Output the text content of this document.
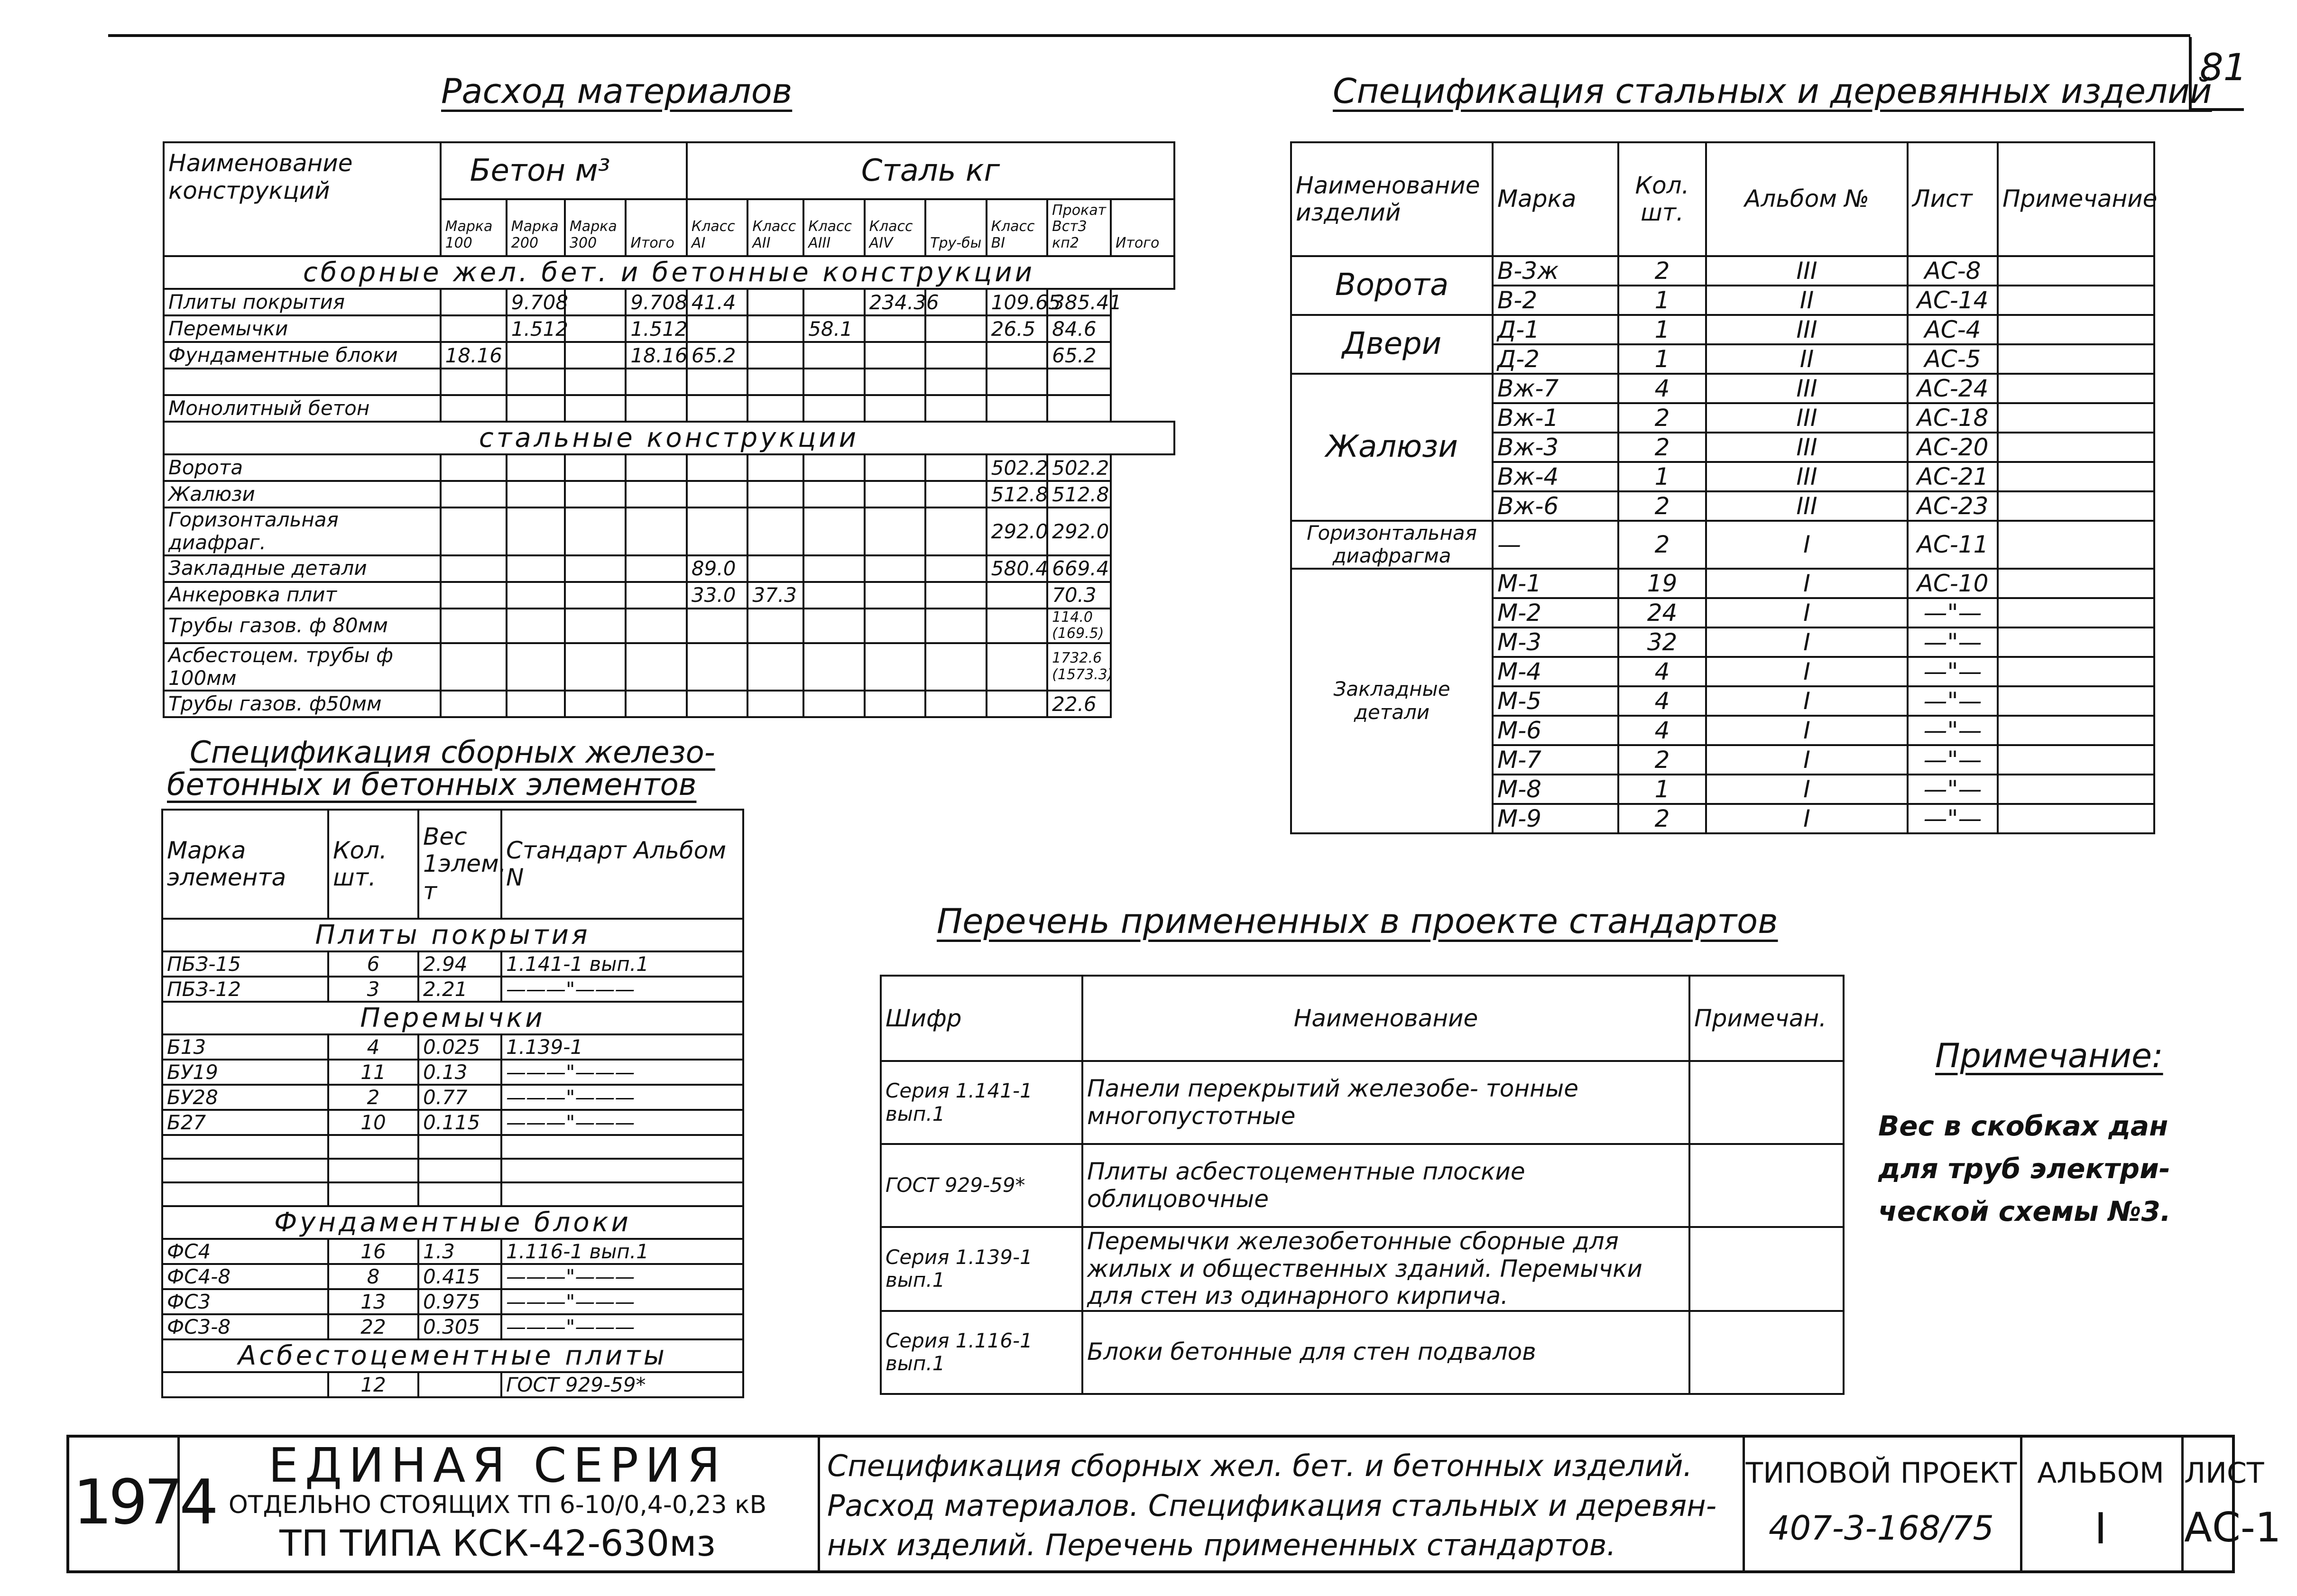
81
Расход материалов
Наименование конструкций	Бетон м³				Сталь кг							
	Марка 100	Марка 200	Марка 300	Итого	Класс AI	Класс AII	Класс AIII	Класс AIV	Тру-бы	Класс BI	Прокат Вст3 кп2	Итого
сборные жел. бет. и бетонные конструкции												
Плиты покрытия		9.708		9.708	41.4			234.36		109.65	385.41	
Перемычки		1.512		1.512			58.1			26.5	84.6	
Фундаментные блоки	18.16			18.16	65.2						65.2	

Монолитный бетон												
стальные конструкции												
Ворота										502.2	502.2	
Жалюзи										512.8	512.8	
Горизонтальная диафраг.										292.0	292.0	
Закладные детали					89.0					580.4	669.4	
Анкеровка плит					33.0	37.3					70.3	
Трубы газов. ф 80мм											114.0 (169.5)	
Асбестоцем. трубы ф 100мм											1732.6 (1573.3)	
Трубы газов. ф50мм											22.6	
Спецификация стальных и деревянных изделий
Наименование изделий	Марка	Кол. шт.	Альбом №	Лист	Примечание
Ворота	В-3ж	2	III	АС-8	
	В-2	1	II	АС-14	
Двери	Д-1	1	III	АС-4	
	Д-2	1	II	АС-5	
Жалюзи	Вж-7	4	III	АС-24	
	Вж-1	2	III	АС-18	
	Вж-3	2	III	АС-20	
	Вж-4	1	III	АС-21	
	Вж-6	2	III	АС-23	
Горизонтальная диафрагма	—	2	I	АС-11	
Закладные детали	М-1	19	I	АС-10	
	М-2	24	I	—"—	
	М-3	32	I	—"—	
	М-4	4	I	—"—	
	М-5	4	I	—"—	
	М-6	4	I	—"—	
	М-7	2	I	—"—	
	М-8	1	I	—"—	
	М-9	2	I	—"—	
Спецификация сборных железо-
бетонных и бетонных элементов
Марка элемента	Кол. шт.	Вес 1элем. т	Стандарт Альбом N
Плиты покрытия			
ПБЗ-15	6	2.94	1.141-1 вып.1
ПБЗ-12	3	2.21	———"———
Перемычки			
Б13	4	0.025	1.139-1
БУ19	11	0.13	———"———
БУ28	2	0.77	———"———
Б27	10	0.115	———"———

Фундаментные блоки			
ФС4	16	1.3	1.116-1 вып.1
ФС4-8	8	0.415	———"———
ФС3	13	0.975	———"———
ФС3-8	22	0.305	———"———
Асбестоцементные плиты			
	12		ГОСТ 929-59*
Перечень примененных в проекте стандартов
Шифр	Наименование	Примечан.
Серия 1.141-1 вып.1	Панели перекрытий железобе- тонные многопустотные	
ГОСТ 929-59*	Плиты асбестоцементные плоские облицовочные	
Серия 1.139-1 вып.1	Перемычки железобетонные сборные для жилых и общественных зданий. Перемычки для стен из одинарного кирпича.	
Серия 1.116-1 вып.1	Блоки бетонные для стен подвалов	
Примечание:
Вес в скобках дан для труб электри- ческой схемы №3.
1974
ЕДИНАЯ СЕРИЯ
ОТДЕЛЬНО СТОЯЩИХ ТП 6-10/0,4-0,23 кВ
ТП ТИПА КСК-42-630мз
Спецификация сборных жел. бет. и бетонных изделий. Расход материалов. Спецификация стальных и деревян- ных изделий. Перечень примененных стандартов.
ТИПОВОЙ ПРОЕКТ
407-3-168/75
АЛЬБОМ
I
ЛИСТ
АС-1
